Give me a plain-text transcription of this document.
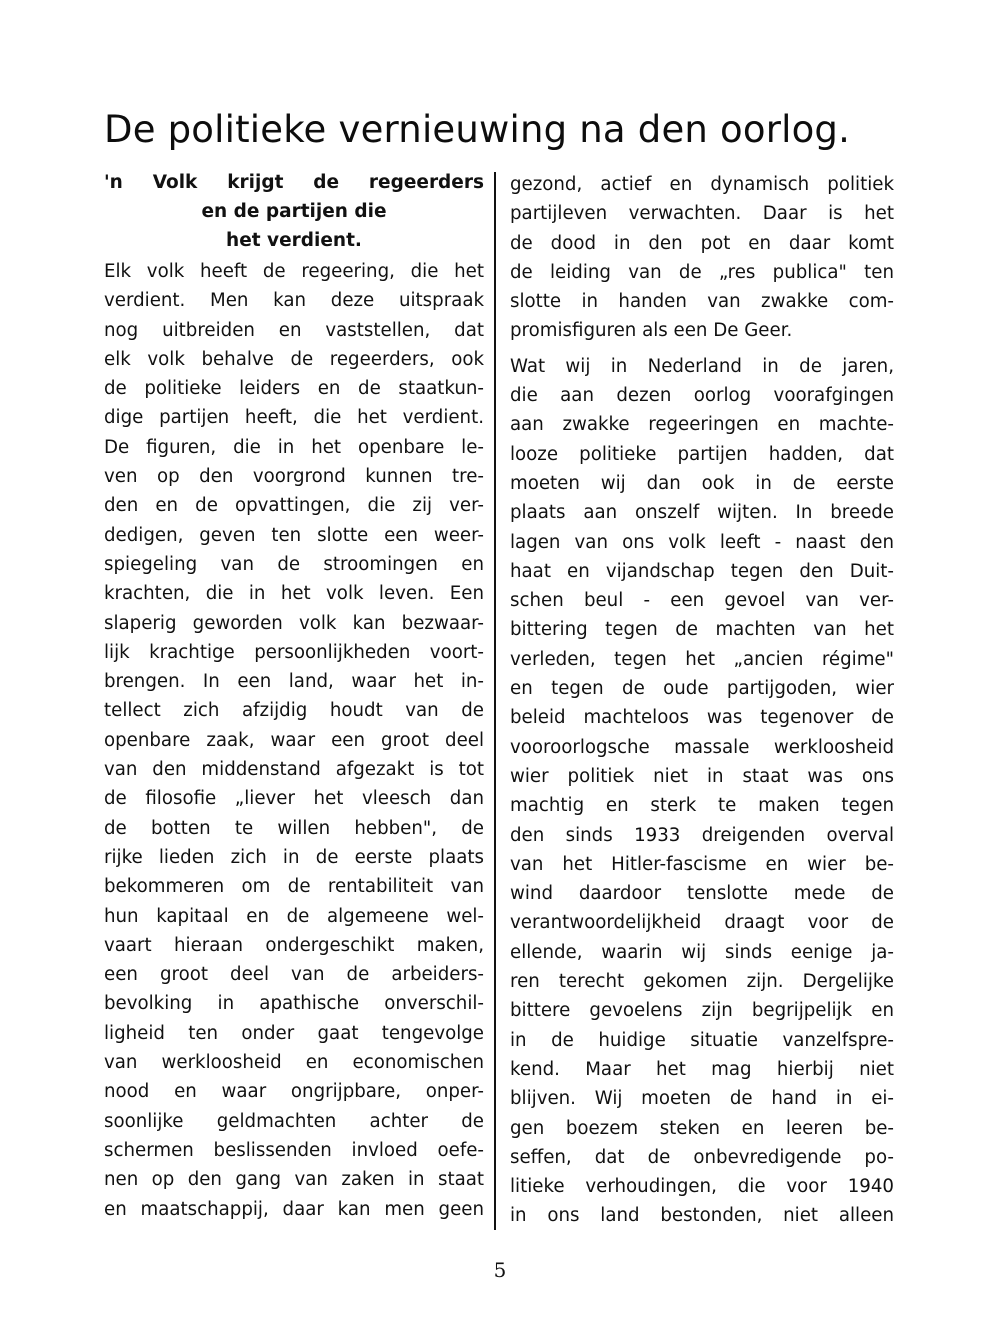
De politieke vernieuwing na den oorlog.
'n Volk krijgt de regeerders
en de partijen die
het verdient.
Elk volk heeft de regeering, die het
verdient. Men kan deze uitspraak
nog uitbreiden en vaststellen, dat
elk volk behalve de regeerders, ook
de politieke leiders en de staatkun-
dige partijen heeft, die het verdient.
De figuren, die in het openbare le-
ven op den voorgrond kunnen tre-
den en de opvattingen, die zij ver-
dedigen, geven ten slotte een weer-
spiegeling van de stroomingen en
krachten, die in het volk leven. Een
slaperig geworden volk kan bezwaar-
lijk krachtige persoonlijkheden voort-
brengen. In een land, waar het in-
tellect zich afzijdig houdt van de
openbare zaak, waar een groot deel
van den middenstand afgezakt is tot
de filosofie „liever het vleesch dan
de botten te willen hebben", de
rijke lieden zich in de eerste plaats
bekommeren om de rentabiliteit van
hun kapitaal en de algemeene wel-
vaart hieraan ondergeschikt maken,
een groot deel van de arbeiders-
bevolking in apathische onverschil-
ligheid ten onder gaat tengevolge
van werkloosheid en economischen
nood en waar ongrijpbare, onper-
soonlijke geldmachten achter de
schermen beslissenden invloed oefe-
nen op den gang van zaken in staat
en maatschappij, daar kan men geen
gezond, actief en dynamisch politiek
partijleven verwachten. Daar is het
de dood in den pot en daar komt
de leiding van de „res publica" ten
slotte in handen van zwakke com-
promisfiguren als een De Geer.
Wat wij in Nederland in de jaren,
die aan dezen oorlog voorafgingen
aan zwakke regeeringen en machte-
looze politieke partijen hadden, dat
moeten wij dan ook in de eerste
plaats aan onszelf wijten. In breede
lagen van ons volk leeft - naast den
haat en vijandschap tegen den Duit-
schen beul - een gevoel van ver-
bittering tegen de machten van het
verleden, tegen het „ancien régime"
en tegen de oude partijgoden, wier
beleid machteloos was tegenover de
vooroorlogsche massale werkloosheid
wier politiek niet in staat was ons
machtig en sterk te maken tegen
den sinds 1933 dreigenden overval
van het Hitler-fascisme en wier be-
wind daardoor tenslotte mede de
verantwoordelijkheid draagt voor de
ellende, waarin wij sinds eenige ja-
ren terecht gekomen zijn. Dergelijke
bittere gevoelens zijn begrijpelijk en
in de huidige situatie vanzelfspre-
kend. Maar het mag hierbij niet
blijven. Wij moeten de hand in ei-
gen boezem steken en leeren be-
seffen, dat de onbevredigende po-
litieke verhoudingen, die voor 1940
in ons land bestonden, niet alleen
5
